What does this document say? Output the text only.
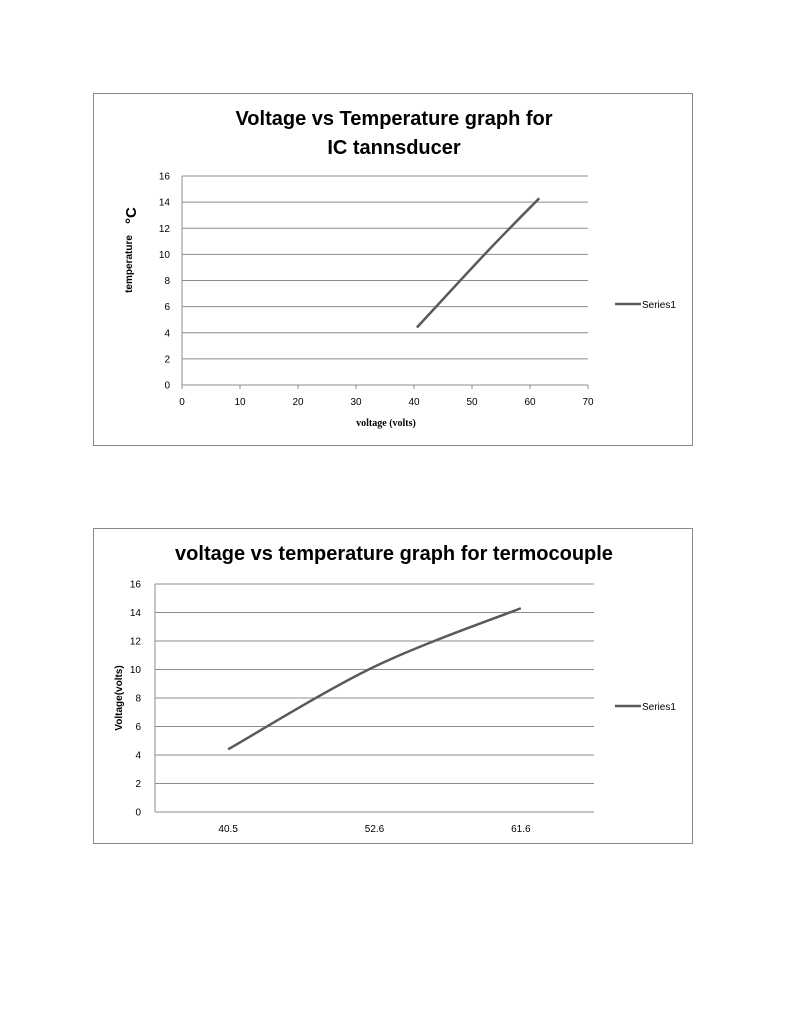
Voltage vs Temperature graph for
IC tannsducer
0
2
4
6
8
10
12
14
16
0	10	20	30	40	50	60	70
voltage (volts)
temperature
°C
Series1
voltage vs temperature graph for termocouple
0
2
4
6
8
10
12
14
16
40.5	52.6	61.6
Voltage(volts)	Series1
